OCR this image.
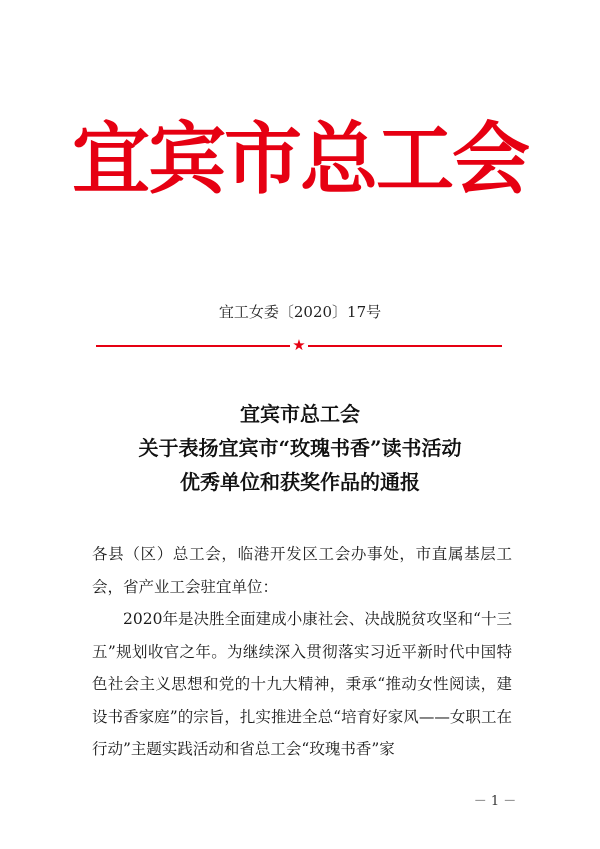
宜宾市总工会
宜工女委〔2020〕17号
★
宜宾市总工会
关于表扬宜宾市“玫瑰书香”读书活动
优秀单位和获奖作品的通报

各县（区）总工会，临港开发区工会办事处，市直属基层工会，省产业工会驻宜单位：

2020年是决胜全面建成小康社会、决战脱贫攻坚和“十三五”规划收官之年。为继续深入贯彻落实习近平新时代中国特色社会主义思想和党的十九大精神，秉承“推动女性阅读，建设书香家庭”的宗旨，扎实推进全总“培育好家风——女职工在行动”主题实践活动和省总工会“玫瑰书香”家

－ 1 －
